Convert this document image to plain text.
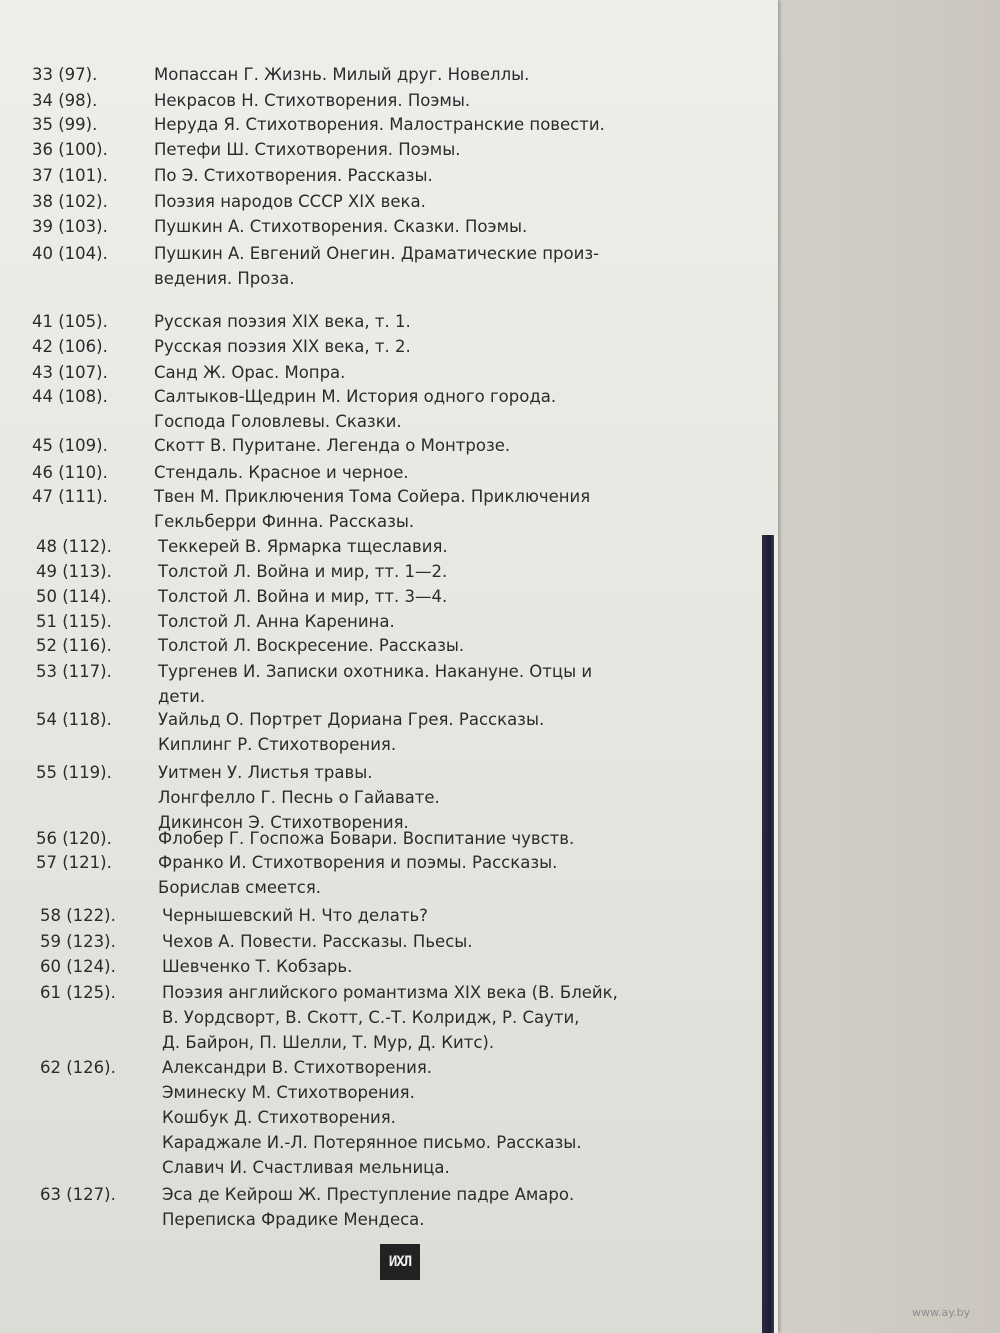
33 (97).	Мопассан Г. Жизнь. Милый друг. Новеллы.
34 (98).	Некрасов Н. Стихотворения. Поэмы.
35 (99).	Неруда Я. Стихотворения. Малостранские повести.
36 (100).	Петефи Ш. Стихотворения. Поэмы.
37 (101).	По Э. Стихотворения. Рассказы.
38 (102).	Поэзия народов СССР XIX века.
39 (103).	Пушкин А. Стихотворения. Сказки. Поэмы.
40 (104).	Пушкин А. Евгений Онегин. Драматические произ-
ведения. Проза.
41 (105).	Русская поэзия XIX века, т. 1.
42 (106).	Русская поэзия XIX века, т. 2.
43 (107).	Санд Ж. Орас. Мопра.
44 (108).	Салтыков-Щедрин М. История одного города.
Господа Головлевы. Сказки.
45 (109).	Скотт В. Пуритане. Легенда о Монтрозе.
46 (110).	Стендаль. Красное и черное.
47 (111).	Твен М. Приключения Тома Сойера. Приключения
Гекльберри Финна. Рассказы.
48 (112).	Теккерей В. Ярмарка тщеславия.
49 (113).	Толстой Л. Война и мир, тт. 1—2.
50 (114).	Толстой Л. Война и мир, тт. 3—4.
51 (115).	Толстой Л. Анна Каренина.
52 (116).	Толстой Л. Воскресение. Рассказы.
53 (117).	Тургенев И. Записки охотника. Накануне. Отцы и
дети.
54 (118).	Уайльд О. Портрет Дориана Грея. Рассказы.
Киплинг Р. Стихотворения.
55 (119).	Уитмен У. Листья травы.
Лонгфелло Г. Песнь о Гайавате.
Дикинсон Э. Стихотворения.
56 (120).	Флобер Г. Госпожа Бовари. Воспитание чувств.
57 (121).	Франко И. Стихотворения и поэмы. Рассказы.
Борислав смеется.
58 (122).	Чернышевский Н. Что делать?
59 (123).	Чехов А. Повести. Рассказы. Пьесы.
60 (124).	Шевченко Т. Кобзарь.
61 (125).	Поэзия английского романтизма XIX века (В. Блейк,
В. Уордсворт, В. Скотт, С.-Т. Колридж, Р. Саути,
Д. Байрон, П. Шелли, Т. Мур, Д. Китс).
62 (126).	Александри В. Стихотворения.
Эминеску М. Стихотворения.
Кошбук Д. Стихотворения.
Караджале И.-Л. Потерянное письмо. Рассказы.
Славич И. Счастливая мельница.
63 (127).	Эса де Кейрош Ж. Преступление падре Амаро.
Переписка Фрадике Мендеса.
ИХЛ
www.ay.by
